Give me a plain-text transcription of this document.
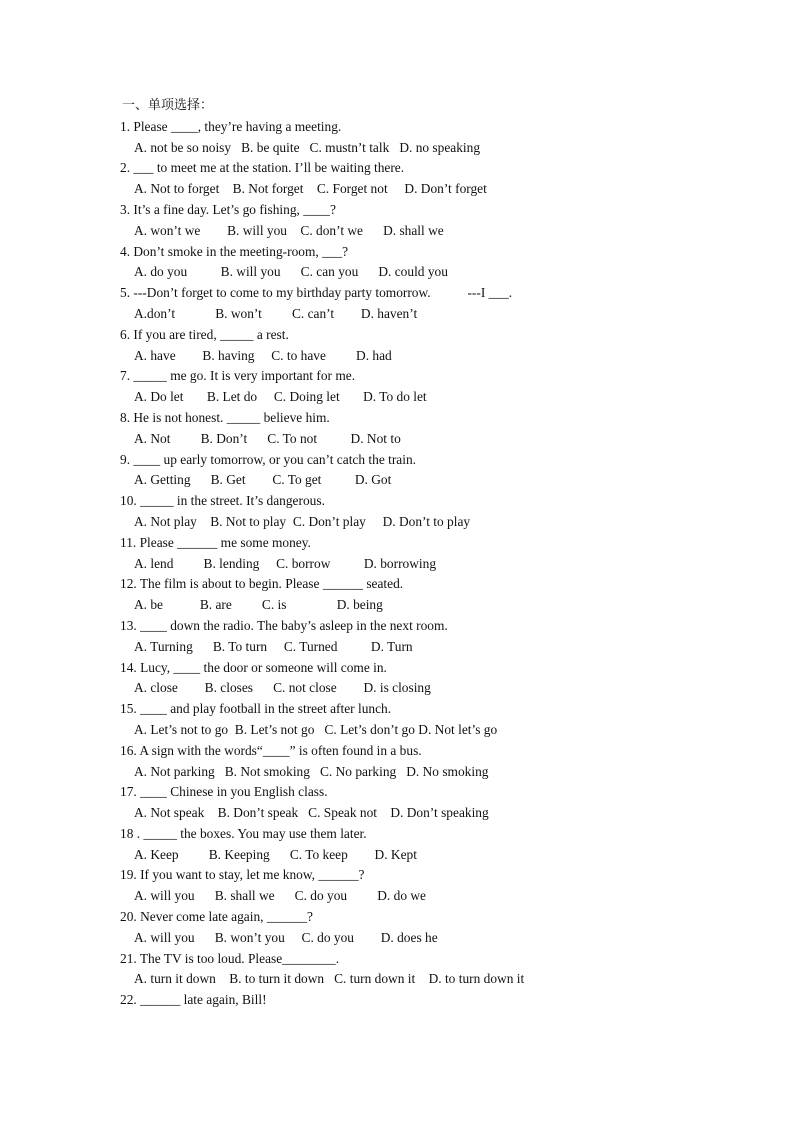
一、单项选择：
1. Please ____, they’re having a meeting.
A. not be so noisy   B. be quite   C. mustn’t talk   D. no speaking
2. ___ to meet me at the station. I’ll be waiting there.
A. Not to forget    B. Not forget    C. Forget not     D. Don’t forget
3. It’s a fine day. Let’s go fishing, ____?
A. won’t we        B. will you    C. don’t we      D. shall we
4. Don’t smoke in the meeting-room, ___?
A. do you          B. will you      C. can you      D. could you
5. ---Don’t forget to come to my birthday party tomorrow.           ---I ___.
A.don’t            B. won’t         C. can’t        D. haven’t
6. If you are tired, _____ a rest.
A. have        B. having     C. to have         D. had
7. _____ me go. It is very important for me.
A. Do let       B. Let do     C. Doing let       D. To do let
8. He is not honest. _____ believe him.
A. Not         B. Don’t      C. To not          D. Not to
9. ____ up early tomorrow, or you can’t catch the train.
A. Getting      B. Get        C. To get          D. Got
10. _____ in the street. It’s dangerous.
A. Not play    B. Not to play  C. Don’t play     D. Don’t to play
11. Please ______ me some money.
A. lend         B. lending     C. borrow          D. borrowing
12. The film is about to begin. Please ______ seated.
A. be           B. are         C. is               D. being
13. ____ down the radio. The baby’s asleep in the next room.
A. Turning      B. To turn     C. Turned          D. Turn
14. Lucy, ____ the door or someone will come in.
A. close        B. closes      C. not close        D. is closing
15. ____ and play football in the street after lunch.
A. Let’s not to go  B. Let’s not go   C. Let’s don’t go D. Not let’s go
16. A sign with the words“____” is often found in a bus.
A. Not parking   B. Not smoking   C. No parking   D. No smoking
17. ____ Chinese in you English class.
A. Not speak    B. Don’t speak   C. Speak not    D. Don’t speaking
18 . _____ the boxes. You may use them later.
A. Keep         B. Keeping      C. To keep        D. Kept
19. If you want to stay, let me know, ______?
A. will you      B. shall we      C. do you         D. do we
20. Never come late again, ______?
A. will you      B. won’t you     C. do you        D. does he
21. The TV is too loud. Please________.
A. turn it down    B. to turn it down   C. turn down it    D. to turn down it
22. ______ late again, Bill!
